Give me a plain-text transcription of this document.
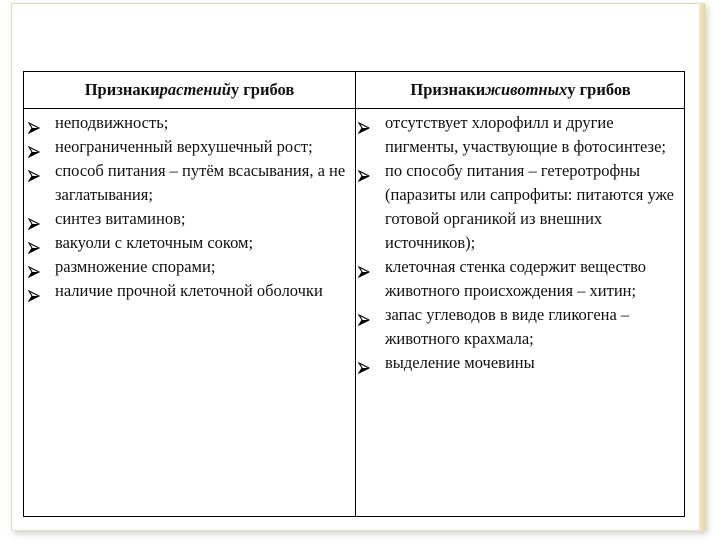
Признаки растений у грибов	Признаки животных у грибов
неподвижность;
неограниченный верхушечный рост;
способ питания – путём всасывания, а не заглатывания;
синтез витаминов;
вакуоли с клеточным соком;
размножение спорами;
наличие прочной клеточной оболочки
отсутствует хлорофилл и другие пигменты, участвующие в фотосинтезе;
по способу питания – гетеротрофны (паразиты или сапрофиты: питаются уже готовой органикой из внешних источников);
клеточная стенка содержит вещество животного происхождения – хитин;
запас углеводов в виде гликогена – животного крахмала;
выделение мочевины
